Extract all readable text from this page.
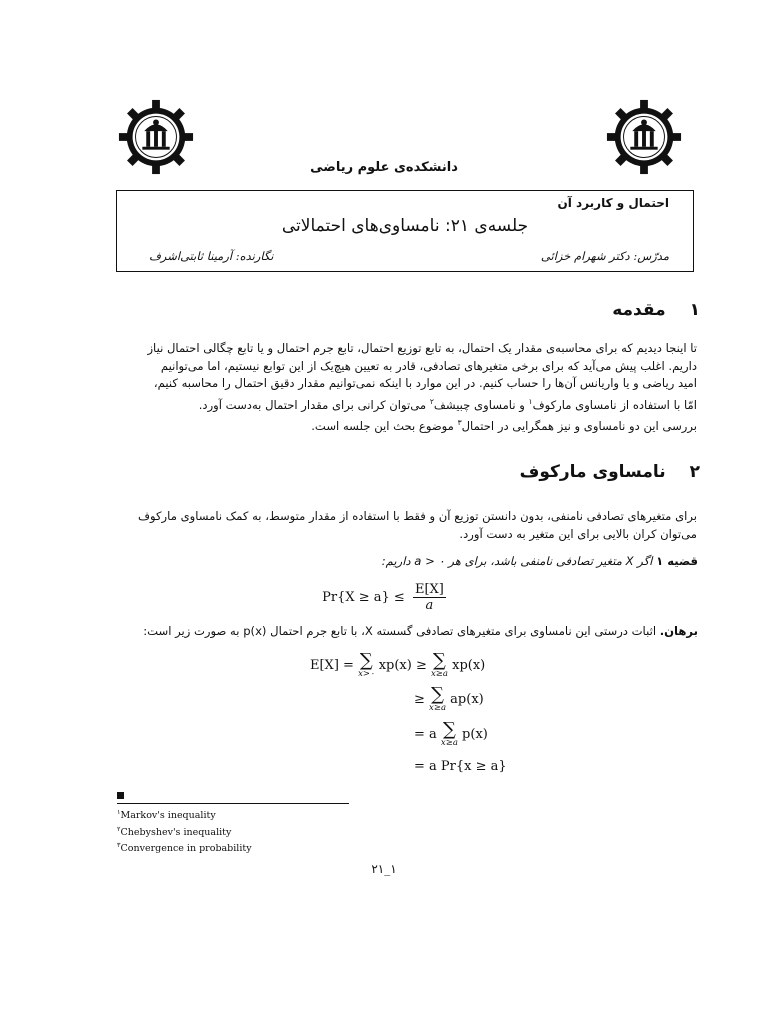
دانشکده‌ی علوم ریاضی
احتمال و کاربرد آن
جلسه‌ی ۲۱: نامساوی‌های احتمالاتی
مدرّس: دکتر شهرام خزائی
نگارنده: آرمینا ثابتی‌اشرف
۱مقدمه
تا اینجا دیدیم که برای محاسبه‌ی مقدار یک احتمال، به تابع توزیع احتمال، تابع جرم احتمال و یا تابع چگالی احتمال نیاز
داریم. اغلب پیش می‌آید که برای برخی متغیرهای تصادفی، قادر به تعیین هیچ‌یک از این توابع نیستیم، اما می‌توانیم
امید ریاضی و یا واریانس آن‌ها را حساب کنیم. در این موارد با اینکه نمی‌توانیم مقدار دقیق احتمال را محاسبه کنیم،
امّا با استفاده از نامساوی مارکوف$^۱$ و نامساوی چبیشف$^۲$ می‌توان کرانی برای مقدار احتمال به‌دست آورد.
بررسی این دو نامساوی و نیز همگرایی در احتمال$^۳$ موضوع بحث این جلسه است.
۲نامساوی مارکوف
برای متغیرهای تصادفی نامنفی، بدون دانستن توزیع آن و فقط با استفاده از مقدار متوسط، به کمک نامساوی مارکوف
می‌توان کران بالایی برای این متغیر به دست آورد.
قضیه ۱ اگر X متغیر تصادفی نامنفی باشد، برای هر ۰ < a داریم:
$Pr\{X \ge a\} \le \frac{E[X]}{a}$
برهان. اثبات درستی این نامساوی برای متغیرهای تصادفی گسسته X، با تابع جرم احتمال p(x) به صورت زیر است:
E[X] = ∑
x>۰
xp(x) ≥ ∑
x≥a
xp(x)
≥ ∑
x≥a
ap(x)
= a ∑
x≥a
p(x)
= a Pr{x ≥ a}
$^۱$Markov's inequality
$^۲$Chebyshev's inequality
$^۳$Convergence in probability
۲۱_۱
